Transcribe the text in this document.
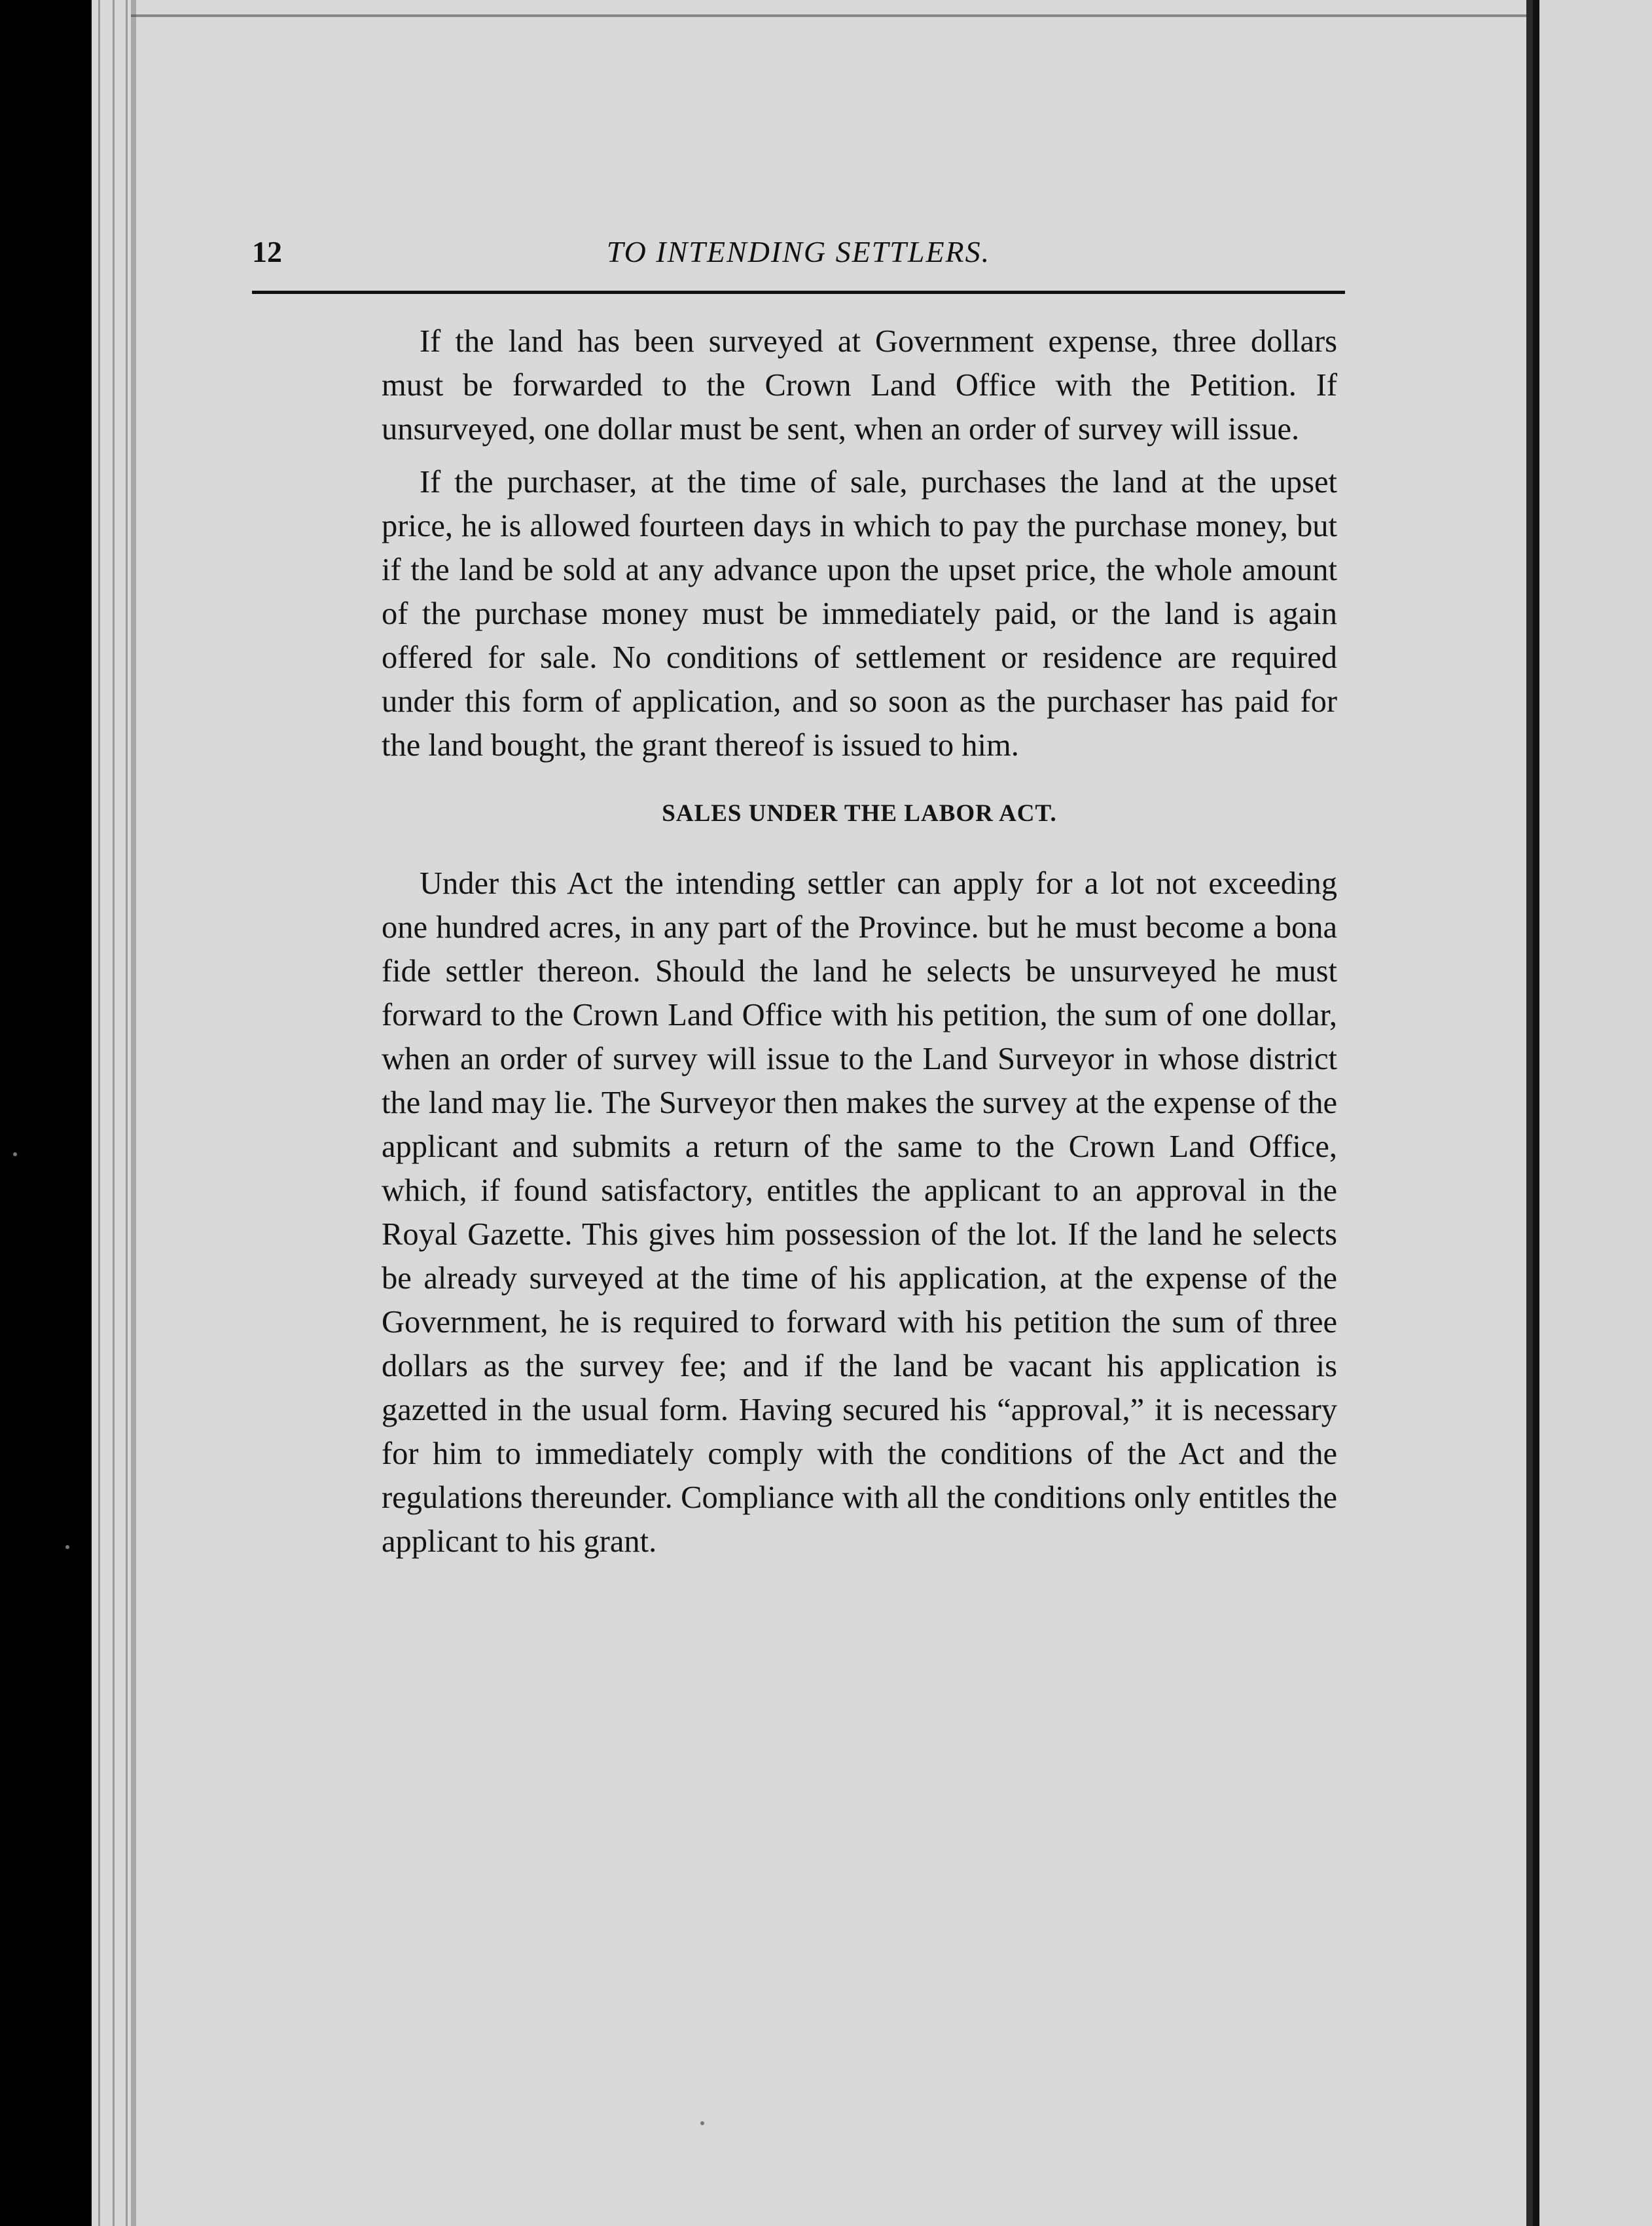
12	TO INTENDING SETTLERS.

If the land has been surveyed at Government expense, three dollars must be forwarded to the Crown Land Office with the Petition. If unsurveyed, one dollar must be sent, when an order of survey will issue.

If the purchaser, at the time of sale, purchases the land at the upset price, he is allowed fourteen days in which to pay the purchase money, but if the land be sold at any advance upon the upset price, the whole amount of the purchase money must be immediately paid, or the land is again offered for sale. No conditions of settlement or residence are required under this form of application, and so soon as the purchaser has paid for the land bought, the grant thereof is issued to him.

SALES UNDER THE LABOR ACT.

Under this Act the intending settler can apply for a lot not exceeding one hundred acres, in any part of the Province. but he must become a bona fide settler thereon. Should the land he selects be unsurveyed he must forward to the Crown Land Office with his petition, the sum of one dollar, when an order of survey will issue to the Land Surveyor in whose district the land may lie. The Surveyor then makes the survey at the expense of the applicant and submits a return of the same to the Crown Land Office, which, if found satisfactory, entitles the applicant to an approval in the Royal Gazette. This gives him possession of the lot. If the land he selects be already surveyed at the time of his application, at the expense of the Government, he is required to forward with his petition the sum of three dollars as the survey fee; and if the land be vacant his application is gazetted in the usual form. Having secured his “approval,” it is necessary for him to immediately comply with the conditions of the Act and the regulations thereunder. Compliance with all the conditions only entitles the applicant to his grant.
